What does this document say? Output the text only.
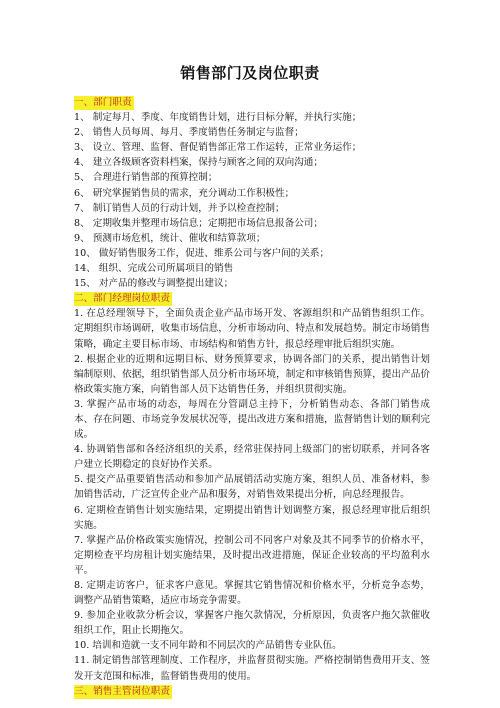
销售部门及岗位职责
一、部门职责
1、 制定每月、季度、年度销售计划，进行目标分解，并执行实施；
2、 销售人员每周、每月、季度销售任务制定与监督；
3、 设立、管理、监督、督促销售部正常工作运转，正常业务运作；
4、 建立各级顾客资料档案，保持与顾客之间的双向沟通；
5、 合理进行销售部的预算控制；
6、 研究掌握销售员的需求，充分调动工作积极性；
7、 制订销售人员的行动计划，并予以检查控制；
8、 定期收集并整理市场信息；定期把市场信息报备公司；
9、 预测市场危机，统计、催收和结算款项；
10、 做好销售服务工作，促进、维系公司与客户间的关系；
14、 组织、完成公司所属项目的销售
15、 对产品的修改与调整提出建议；
二、部门经理岗位职责

1. 在总经理领导下，全面负责企业产品市场开发、客源组织和产品销售组织工作。定期组织市场调研，收集市场信息，分析市场动向、特点和发展趋势。制定市场销售策略，确定主要目标市场、市场结构和销售方针，报总经理审批后组织实施。

2. 根据企业的近期和远期目标、财务预算要求，协调各部门的关系，提出销售计划编制原则、依据，组织销售部人员分析市场环境，制定和审核销售预算，提出产品价格政策实施方案，向销售部人员下达销售任务，并组织贯彻实施。

3. 掌握产品市场的动态，每周在分管副总主持下，分析销售动态、各部门销售成本、存在问题、市场竞争发展状况等，提出改进方案和措施，监督销售计划的顺利完成。

4. 协调销售部和各经济组织的关系，经常驻保持同上级部门的密切联系，并同各客户建立长期稳定的良好协作关系。

5. 提交产品重要销售活动和参加产品展销活动实施方案，组织人员、准备材料，参加销售活动，广泛宣传企业产品和服务，对销售效果提出分析，向总经理报告。

6. 定期检查销售计划实施结果，定期提出销售计划调整方案，报总经理审批后组织实施。

7. 掌握产品价格政策实施情况，控制公司不同客户对象及其不同季节的价格水平，定期检查平均房租计划实施结果，及时提出改进措施，保证企业较高的平均盈利水平。

8. 定期走访客户，征求客户意见。掌握其它销售情况和价格水平，分析竞争态势，调整产品销售策略，适应市场竞争需要。

9. 参加企业收款分析会议，掌握客户拖欠款情况，分析原因，负责客户拖欠款催收组织工作，阻止长期拖欠。

10. 培训和造就一支不同年龄和不同层次的产品销售专业队伍。

11. 制定销售部管理制度、工作程序，并监督贯彻实施。严格控制销售费用开支、签发开支范围和标准，监督销售费用的使用。

三、销售主管岗位职责
